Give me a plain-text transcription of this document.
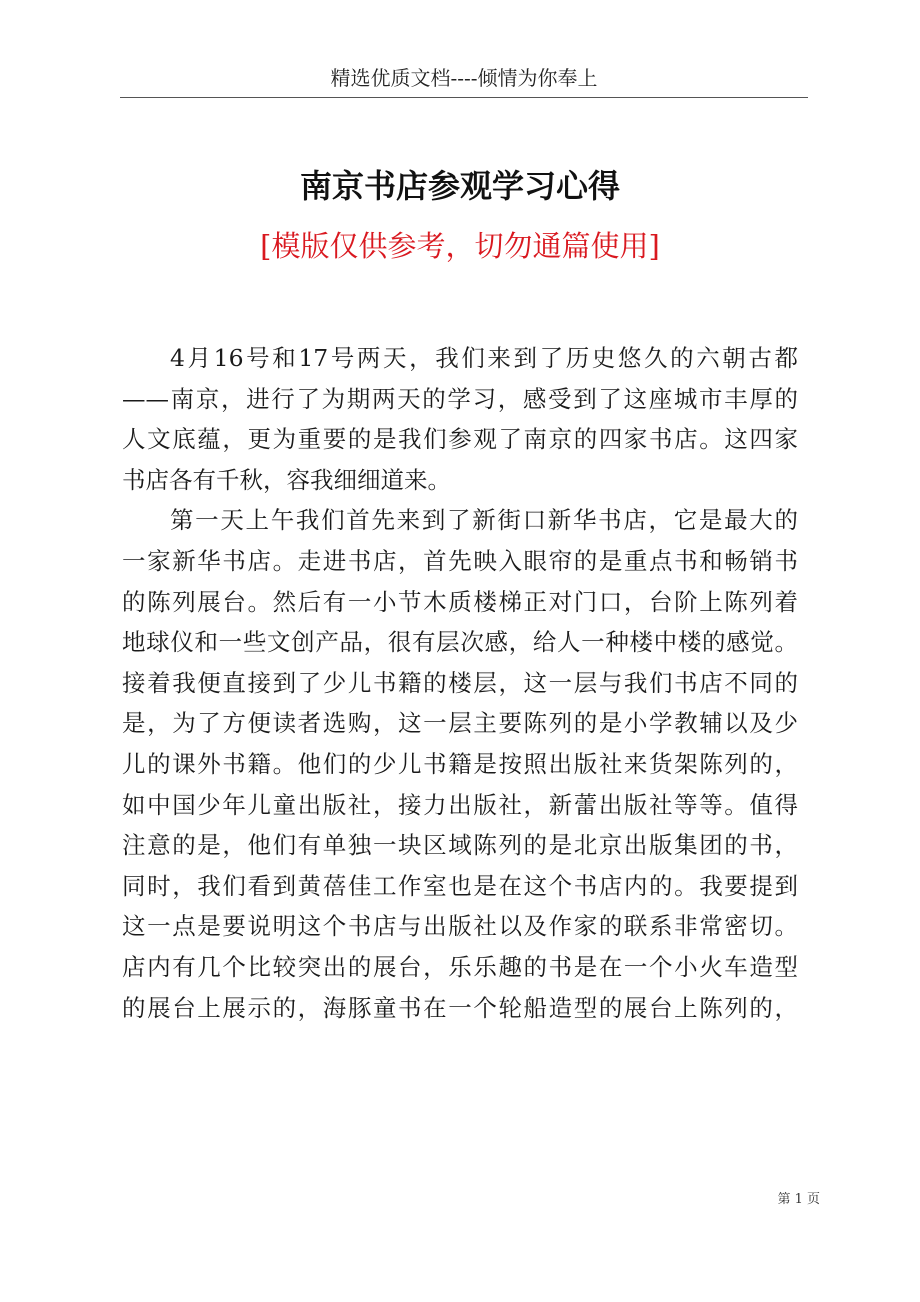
精选优质文档----倾情为你奉上
南京书店参观学习心得
[模版仅供参考，切勿通篇使用]
4月16号和17号两天，我们来到了历史悠久的六朝古都
——南京，进行了为期两天的学习，感受到了这座城市丰厚的
人文底蕴，更为重要的是我们参观了南京的四家书店。这四家
书店各有千秋，容我细细道来。
第一天上午我们首先来到了新街口新华书店，它是最大的
一家新华书店。走进书店，首先映入眼帘的是重点书和畅销书
的陈列展台。然后有一小节木质楼梯正对门口，台阶上陈列着
地球仪和一些文创产品，很有层次感，给人一种楼中楼的感觉。
接着我便直接到了少儿书籍的楼层，这一层与我们书店不同的
是，为了方便读者选购，这一层主要陈列的是小学教辅以及少
儿的课外书籍。他们的少儿书籍是按照出版社来货架陈列的，
如中国少年儿童出版社，接力出版社，新蕾出版社等等。值得
注意的是，他们有单独一块区域陈列的是北京出版集团的书，
同时，我们看到黄蓓佳工作室也是在这个书店内的。我要提到
这一点是要说明这个书店与出版社以及作家的联系非常密切。
店内有几个比较突出的展台，乐乐趣的书是在一个小火车造型
的展台上展示的，海豚童书在一个轮船造型的展台上陈列的，
第 1 页
